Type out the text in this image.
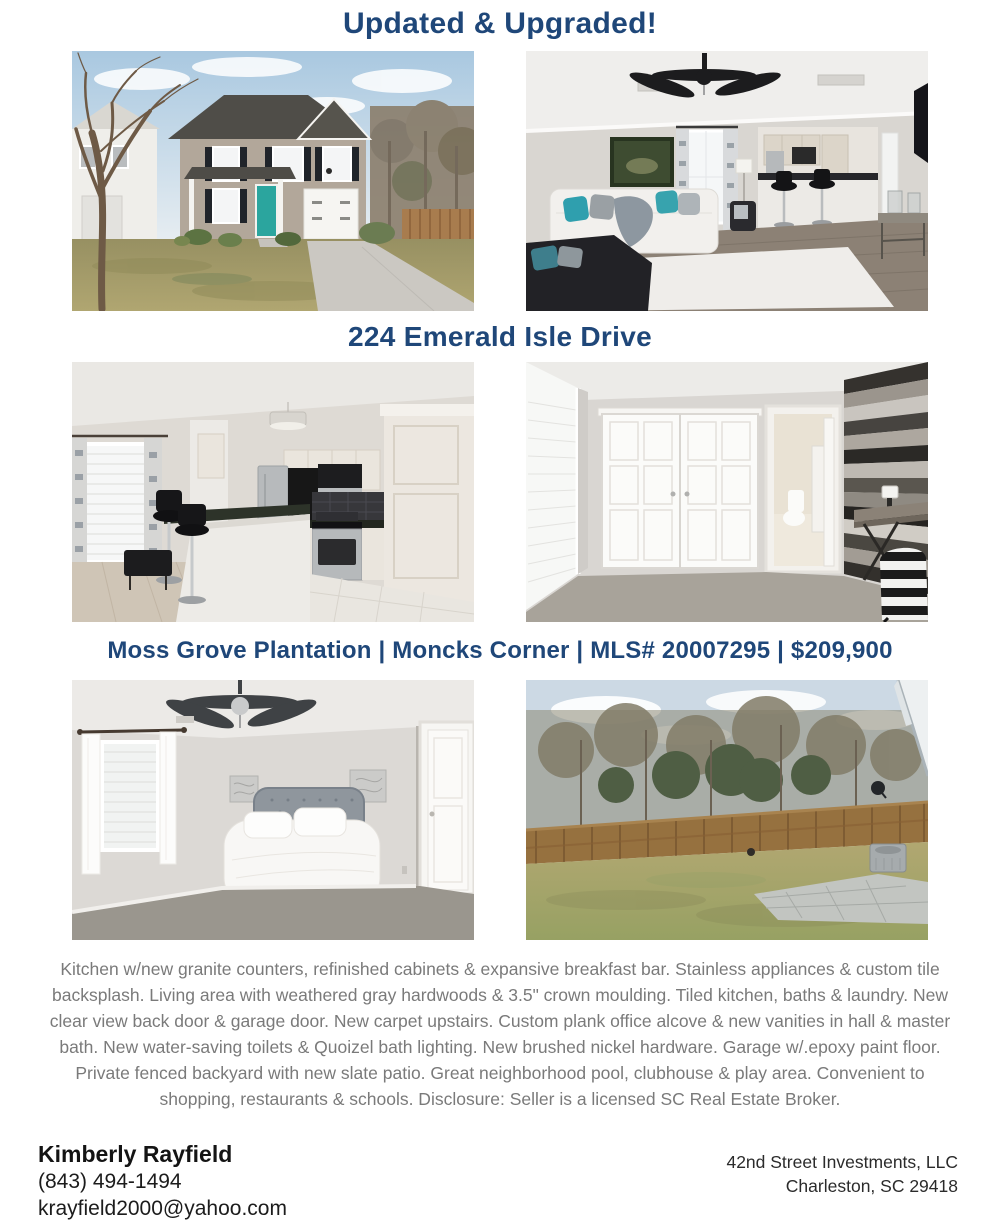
Updated & Upgraded!
224 Emerald Isle Drive
Moss Grove Plantation | Moncks Corner | MLS# 20007295 | $209,900

Kitchen w/new granite counters, refinished cabinets & expansive breakfast bar. Stainless appliances & custom tile backsplash. Living area with weathered gray hardwoods & 3.5" crown moulding. Tiled kitchen, baths & laundry. New clear view back door & garage door. New carpet upstairs. Custom plank office alcove & new vanities in hall & master bath. New water-saving toilets & Quoizel bath lighting. New brushed nickel hardware. Garage w/.epoxy paint floor. Private fenced backyard with new slate patio. Great neighborhood pool, clubhouse & play area. Convenient to shopping, restaurants & schools. Disclosure: Seller is a licensed SC Real Estate Broker.

Kimberly Rayfield
(843) 494-1494
krayfield2000@yahoo.com
42nd Street Investments, LLC
Charleston, SC 29418
